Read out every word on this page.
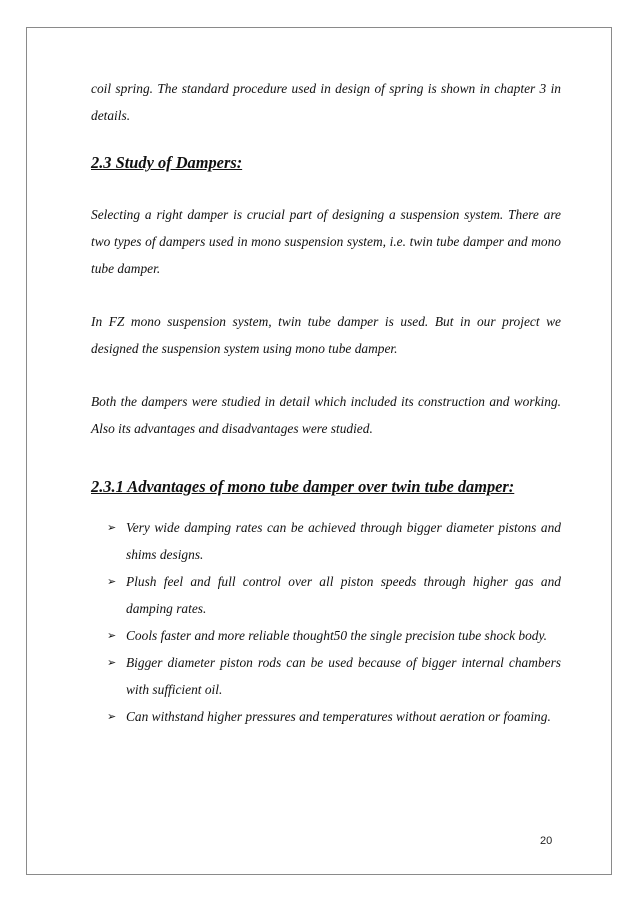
coil spring. The standard procedure used in design of spring is shown in chapter 3 in details.

2.3 Study of Dampers:

Selecting a right damper is crucial part of designing a suspension system. There are two types of dampers used in mono suspension system, i.e. twin tube damper and mono tube damper.

In FZ mono suspension system, twin tube damper is used. But in our project we designed the suspension system using mono tube damper.

Both the dampers were studied in detail which included its construction and working. Also its advantages and disadvantages were studied.

2.3.1 Advantages of mono tube damper over twin tube damper:
➢ Very wide damping rates can be achieved through bigger diameter pistons and shims designs.
➢ Plush feel and full control over all piston speeds through higher gas and damping rates.
➢ Cools faster and more reliable thought50 the single precision tube shock body.
➢ Bigger diameter piston rods can be used because of bigger internal chambers with sufficient oil.
➢ Can withstand higher pressures and temperatures without aeration or foaming.
20
